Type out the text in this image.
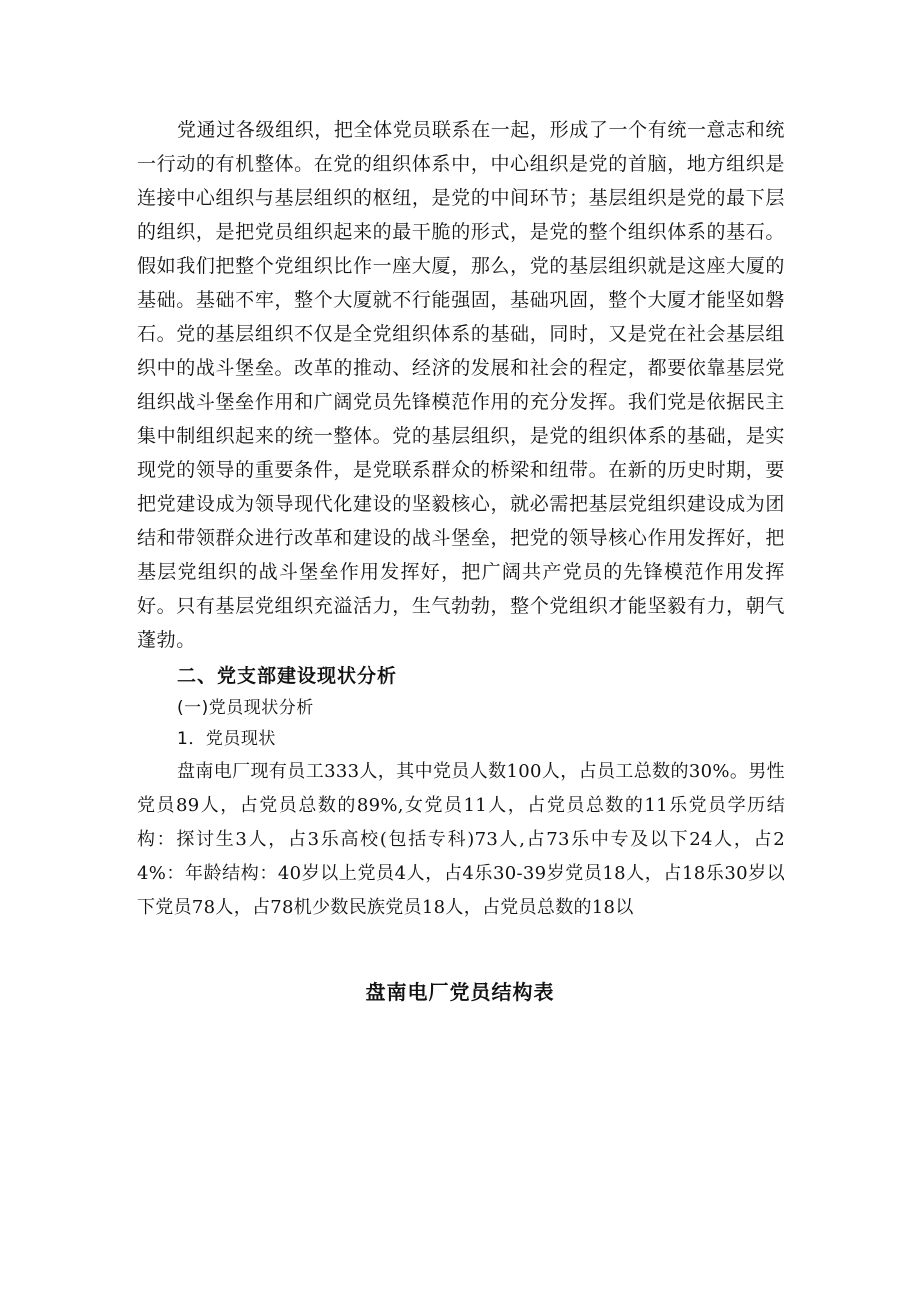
党通过各级组织，把全体党员联系在一起，形成了一个有统一意志和统一行动的有机整体。在党的组织体系中，中心组织是党的首脑，地方组织是连接中心组织与基层组织的枢纽，是党的中间环节；基层组织是党的最下层的组织，是把党员组织起来的最干脆的形式，是党的整个组织体系的基石。假如我们把整个党组织比作一座大厦，那么，党的基层组织就是这座大厦的基础。基础不牢，整个大厦就不行能强固，基础巩固，整个大厦才能坚如磐石。党的基层组织不仅是全党组织体系的基础，同时，又是党在社会基层组织中的战斗堡垒。改革的推动、经济的发展和社会的程定，都要依靠基层党组织战斗堡垒作用和广阔党员先锋模范作用的充分发挥。我们党是依据民主集中制组织起来的统一整体。党的基层组织，是党的组织体系的基础，是实现党的领导的重要条件，是党联系群众的桥梁和纽带。在新的历史时期，要把党建设成为领导现代化建设的坚毅核心，就必需把基层党组织建设成为团结和带领群众进行改革和建设的战斗堡垒，把党的领导核心作用发挥好，把基层党组织的战斗堡垒作用发挥好，把广阔共产党员的先锋模范作用发挥好。只有基层党组织充溢活力，生气勃勃，整个党组织才能坚毅有力，朝气蓬勃。

二、党支部建设现状分析
(一)党员现状分析
1．党员现状

盘南电厂现有员工333人，其中党员人数100人，占员工总数的30%。男性党员89人，占党员总数的89%,女党员11人，占党员总数的11乐党员学历结构：探讨生3人，占3乐高校(包括专科)73人,占73乐中专及以下24人，占24%：年龄结构：40岁以上党员4人，占4乐30-39岁党员18人，占18乐30岁以下党员78人，占78机少数民族党员18人，占党员总数的18以

盘南电厂党员结构表
